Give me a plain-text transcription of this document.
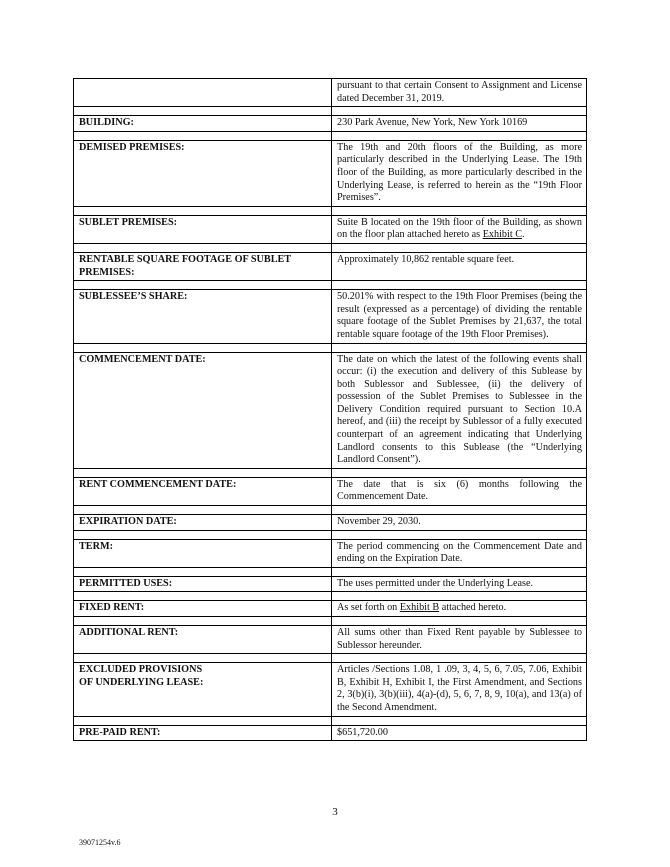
	pursuant to that certain Consent to Assignment and License dated December 31, 2019.

BUILDING:	230 Park Avenue, New York, New York 10169

DEMISED PREMISES:	The 19th and 20th floors of the Building, as more particularly described in the Underlying Lease. The 19th floor of the Building, as more particularly described in the Underlying Lease, is referred to herein as the “19th Floor Premises”.

SUBLET PREMISES:	Suite B located on the 19th floor of the Building, as shown on the floor plan attached hereto as Exhibit C.

RENTABLE SQUARE FOOTAGE OF SUBLET PREMISES:	Approximately 10,862 rentable square feet.

SUBLESSEE’S SHARE:	50.201% with respect to the 19th Floor Premises (being the result (expressed as a percentage) of dividing the rentable square footage of the Sublet Premises by 21,637, the total rentable square footage of the 19th Floor Premises).

COMMENCEMENT DATE:	The date on which the latest of the following events shall occur: (i) the execution and delivery of this Sublease by both Sublessor and Sublessee, (ii) the delivery of possession of the Sublet Premises to Sublessee in the Delivery Condition required pursuant to Section 10.A hereof, and (iii) the receipt by Sublessor of a fully executed counterpart of an agreement indicating that Underlying Landlord consents to this Sublease (the “Underlying Landlord Consent”).

RENT COMMENCEMENT DATE:	The date that is six (6) months following the Commencement Date.

EXPIRATION DATE:	November 29, 2030.

TERM:	The period commencing on the Commencement Date and ending on the Expiration Date.

PERMITTED USES:	The uses permitted under the Underlying Lease.

FIXED RENT:	As set forth on Exhibit B attached hereto.

ADDITIONAL RENT:	All sums other than Fixed Rent payable by Sublessee to Sublessor hereunder.

EXCLUDED PROVISIONS
OF UNDERLYING LEASE:	Articles /Sections 1.08, 1 .09, 3, 4, 5, 6, 7.05, 7.06, Exhibit B, Exhibit H, Exhibit I, the First Amendment, and Sections 2, 3(b)(i), 3(b)(iii), 4(a)-(d), 5, 6, 7, 8, 9, 10(a), and 13(a) of the Second Amendment.

PRE-PAID RENT:	$651,720.00
3
39071254v.6
